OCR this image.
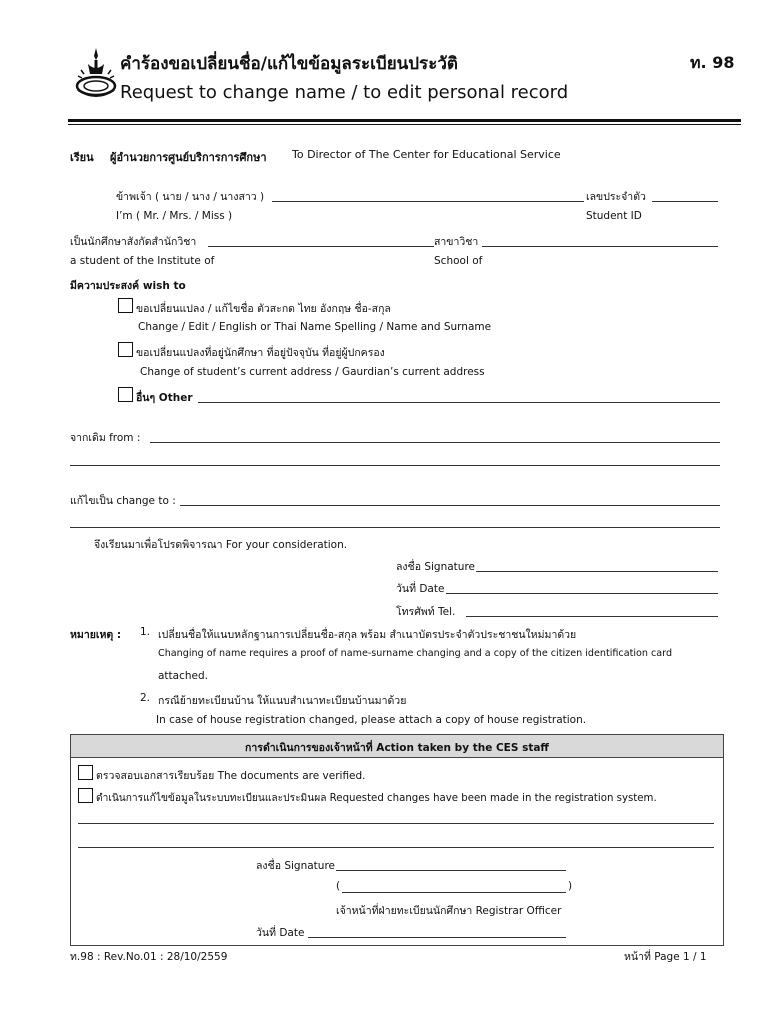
คำร้องขอเปลี่ยนชื่อ/แก้ไขข้อมูลระเบียนประวัติ
Request to change name / to edit personal record
ท. 98
เรียน ผู้อำนวยการศูนย์บริการการศึกษา To Director of The Center for Educational Service
ข้าพเจ้า ( นาย / นาง / นางสาว )	เลขประจำตัว
I’m ( Mr. / Mrs. / Miss )	Student ID
เป็นนักศึกษาสังกัดสำนักวิชา	สาขาวิชา
a student of the Institute of	School of
มีความประสงค์ wish to
ขอเปลี่ยนแปลง / แก้ไขชื่อ ตัวสะกด ไทย อังกฤษ ชื่อ-สกุล
Change / Edit / English or Thai Name Spelling / Name and Surname
ขอเปลี่ยนแปลงที่อยู่นักศึกษา ที่อยู่ปัจจุบัน ที่อยู่ผู้ปกครอง
Change of student’s current address / Gaurdian’s current address
อื่นๆ Other
จากเดิม from :
แก้ไขเป็น change to :
จึงเรียนมาเพื่อโปรดพิจารณา For your consideration.
ลงชื่อ Signature
วันที่ Date
โทรศัพท์ Tel.
หมายเหตุ : 1. เปลี่ยนชื่อให้แนบหลักฐานการเปลี่ยนชื่อ-สกุล พร้อม สำเนาบัตรประจำตัวประชาชนใหม่มาด้วย
Changing of name requires a proof of name-surname changing and a copy of the citizen identification card
attached.
2. กรณีย้ายทะเบียนบ้าน ให้แนบสำเนาทะเบียนบ้านมาด้วย
In case of house registration changed, please attach a copy of house registration.
การดำเนินการของเจ้าหน้าที่ Action taken by the CES staff
ตรวจสอบเอกสารเรียบร้อย The documents are verified.
ดำเนินการแก้ไขข้อมูลในระบบทะเบียนและประมินผล Requested changes have been made in the registration system.
ลงชื่อ Signature
(	)
เจ้าหน้าที่ฝ่ายทะเบียนนักศึกษา Registrar Officer
วันที่ Date
ท.98 : Rev.No.01 : 28/10/2559	หน้าที่ Page 1 / 1
